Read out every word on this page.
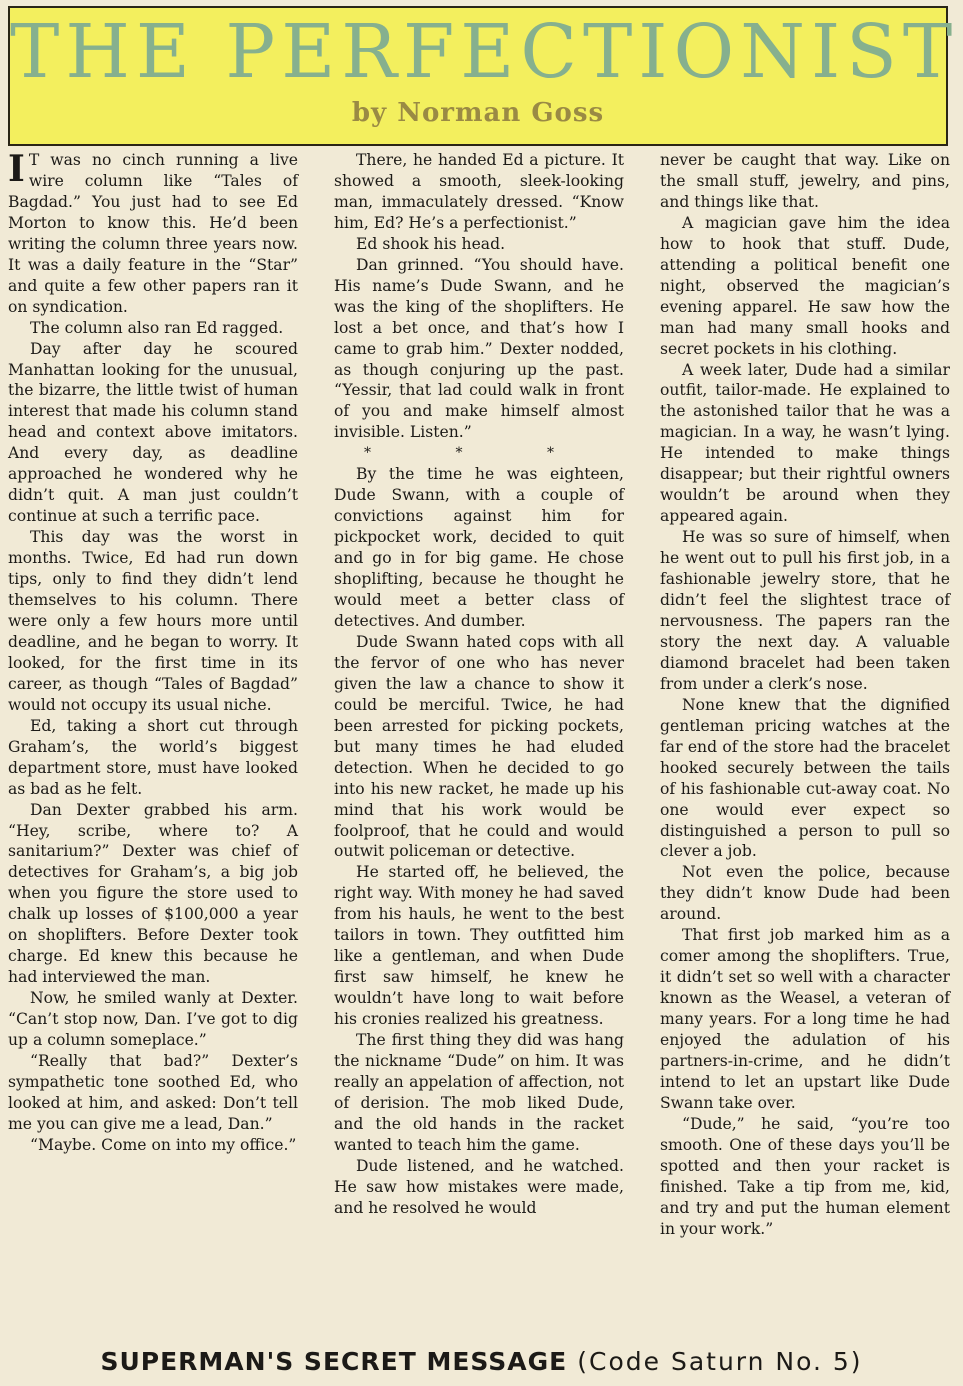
THE PERFECTIONIST
by Norman Goss

I T was no cinch running a live wire column like “Tales of Bagdad.” You just had to see Ed Morton to know this. He’d been writing the column three years now. It was a daily feature in the “Star” and quite a few other papers ran it on syndication.

The column also ran Ed ragged.

Day after day he scoured Manhattan looking for the unusual, the bizarre, the little twist of human interest that made his column stand head and context above imitators. And every day, as deadline approached he wondered why he didn’t quit. A man just couldn’t continue at such a terrific pace.

This day was the worst in months. Twice, Ed had run down tips, only to find they didn’t lend themselves to his column. There were only a few hours more until deadline, and he began to worry. It looked, for the first time in its career, as though “Tales of Bagdad” would not occupy its usual niche.

Ed, taking a short cut through Graham’s, the world’s biggest department store, must have looked as bad as he felt.

Dan Dexter grabbed his arm. “Hey, scribe, where to? A sanitarium?” Dexter was chief of detectives for Graham’s, a big job when you figure the store used to chalk up losses of $100,000 a year on shoplifters. Before Dexter took charge. Ed knew this because he had interviewed the man.

Now, he smiled wanly at Dexter. “Can’t stop now, Dan. I’ve got to dig up a column someplace.”

“Really that bad?” Dexter’s sympathetic tone soothed Ed, who looked at him, and asked: Don’t tell me you can give me a lead, Dan.”

“Maybe. Come on into my office.”

There, he handed Ed a picture. It showed a smooth, sleek-looking man, immaculately dressed. “Know him, Ed? He’s a perfectionist.”

Ed shook his head.

Dan grinned. “You should have. His name’s Dude Swann, and he was the king of the shoplifters. He lost a bet once, and that’s how I came to grab him.” Dexter nodded, as though conjuring up the past. “Yessir, that lad could walk in front of you and make himself almost invisible. Listen.”

* * *

By the time he was eighteen, Dude Swann, with a couple of convictions against him for pickpocket work, decided to quit and go in for big game. He chose shoplifting, because he thought he would meet a better class of detectives. And dumber.

Dude Swann hated cops with all the fervor of one who has never given the law a chance to show it could be merciful. Twice, he had been arrested for picking pockets, but many times he had eluded detection. When he decided to go into his new racket, he made up his mind that his work would be foolproof, that he could and would outwit policeman or detective.

He started off, he believed, the right way. With money he had saved from his hauls, he went to the best tailors in town. They outfitted him like a gentleman, and when Dude first saw himself, he knew he wouldn’t have long to wait before his cronies realized his greatness.

The first thing they did was hang the nickname “Dude” on him. It was really an appelation of affection, not of derision. The mob liked Dude, and the old hands in the racket wanted to teach him the game.

Dude listened, and he watched. He saw how mistakes were made, and he resolved he would

never be caught that way. Like on the small stuff, jewelry, and pins, and things like that.

A magician gave him the idea how to hook that stuff. Dude, attending a political benefit one night, observed the magician’s evening apparel. He saw how the man had many small hooks and secret pockets in his clothing.

A week later, Dude had a similar outfit, tailor-made. He explained to the astonished tailor that he was a magician. In a way, he wasn’t lying. He intended to make things disappear; but their rightful owners wouldn’t be around when they appeared again.

He was so sure of himself, when he went out to pull his first job, in a fashionable jewelry store, that he didn’t feel the slightest trace of nervousness. The papers ran the story the next day. A valuable diamond bracelet had been taken from under a clerk’s nose.

None knew that the dignified gentleman pricing watches at the far end of the store had the bracelet hooked securely between the tails of his fashionable cut-away coat. No one would ever expect so distinguished a person to pull so clever a job.

Not even the police, because they didn’t know Dude had been around.

That first job marked him as a comer among the shoplifters. True, it didn’t set so well with a character known as the Weasel, a veteran of many years. For a long time he had enjoyed the adulation of his partners-in-crime, and he didn’t intend to let an upstart like Dude Swann take over.

“Dude,” he said, “you’re too smooth. One of these days you’ll be spotted and then your racket is finished. Take a tip from me, kid, and try and put the human element in your work.”

SUPERMAN'S SECRET MESSAGE (Code Saturn No. 5)
